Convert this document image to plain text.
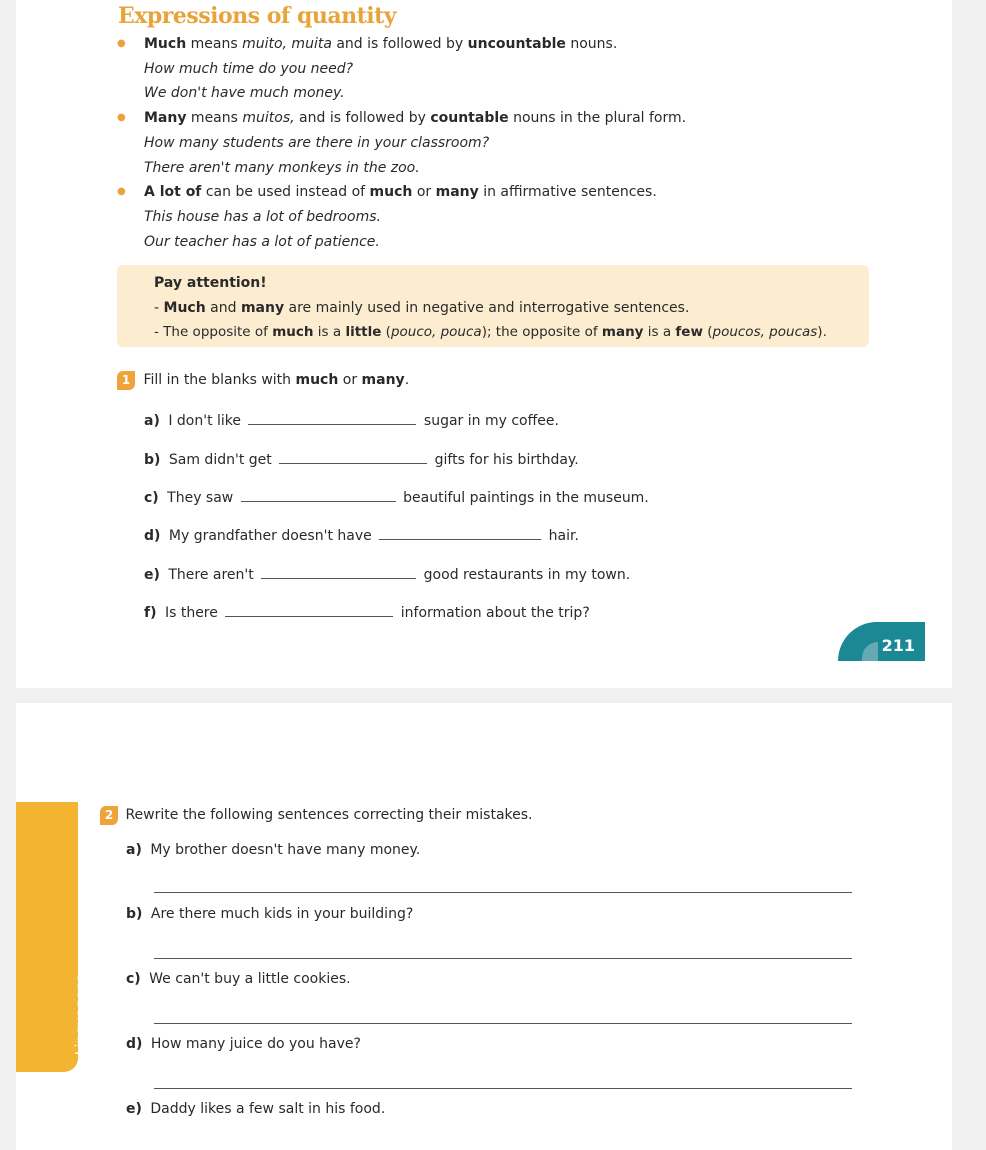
Expressions of quantity
● Much means muito, muita and is followed by uncountable nouns.
How much time do you need?
We don't have much money.
● Many means muitos, and is followed by countable nouns in the plural form.
How many students are there in your classroom?
There aren't many monkeys in the zoo.
● A lot of can be used instead of much or many in affirmative sentences.
This house has a lot of bedrooms.
Our teacher has a lot of patience.
Pay attention!
- Much and many are mainly used in negative and interrogative sentences.
- The opposite of much is a little (pouco, pouca); the opposite of many is a few (poucos, poucas).
1 Fill in the blanks with much or many.
a) I don't like	sugar in my coffee.
b) Sam didn't get	gifts for his birthday.
c) They saw	beautiful paintings in the museum.
d) My grandfather doesn't have	hair.
e) There aren't	good restaurants in my town.
f) Is there	information about the trip?
211
Linguagens
2 Rewrite the following sentences correcting their mistakes.
a) My brother doesn't have many money.
b) Are there much kids in your building?
c) We can't buy a little cookies.
d) How many juice do you have?
e) Daddy likes a few salt in his food.
